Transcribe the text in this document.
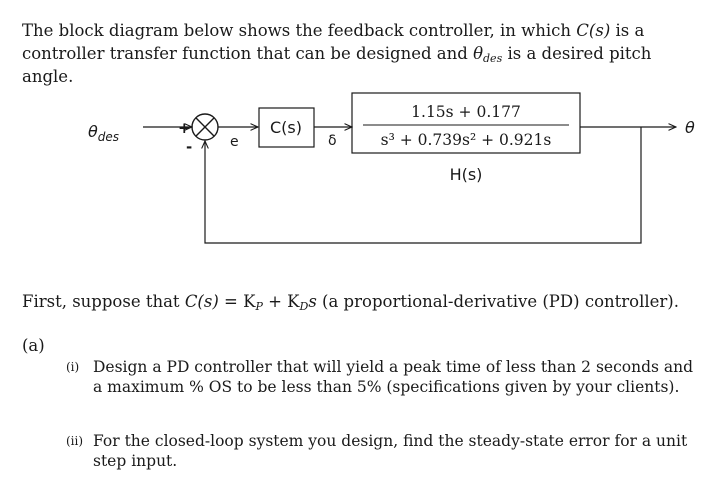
The block diagram below shows the feedback controller, in which C(s) is a controller transfer function that can be designed and $\theta_{des}$ is a desired pitch angle.
$\theta_{des}$	+
-	e
C(s)
δ
1.15s + 0.177
s³ + 0.739s² + 0.921s
H(s)
θ
First, suppose that $C(s) = K_P + K_Ds$ (a proportional-derivative (PD) controller).
(a)
(i) Design a PD controller that will yield a peak time of less than 2 seconds and a maximum % OS to be less than 5% (specifications given by your clients).
(ii) For the closed-loop system you design, find the steady-state error for a unit step input.
